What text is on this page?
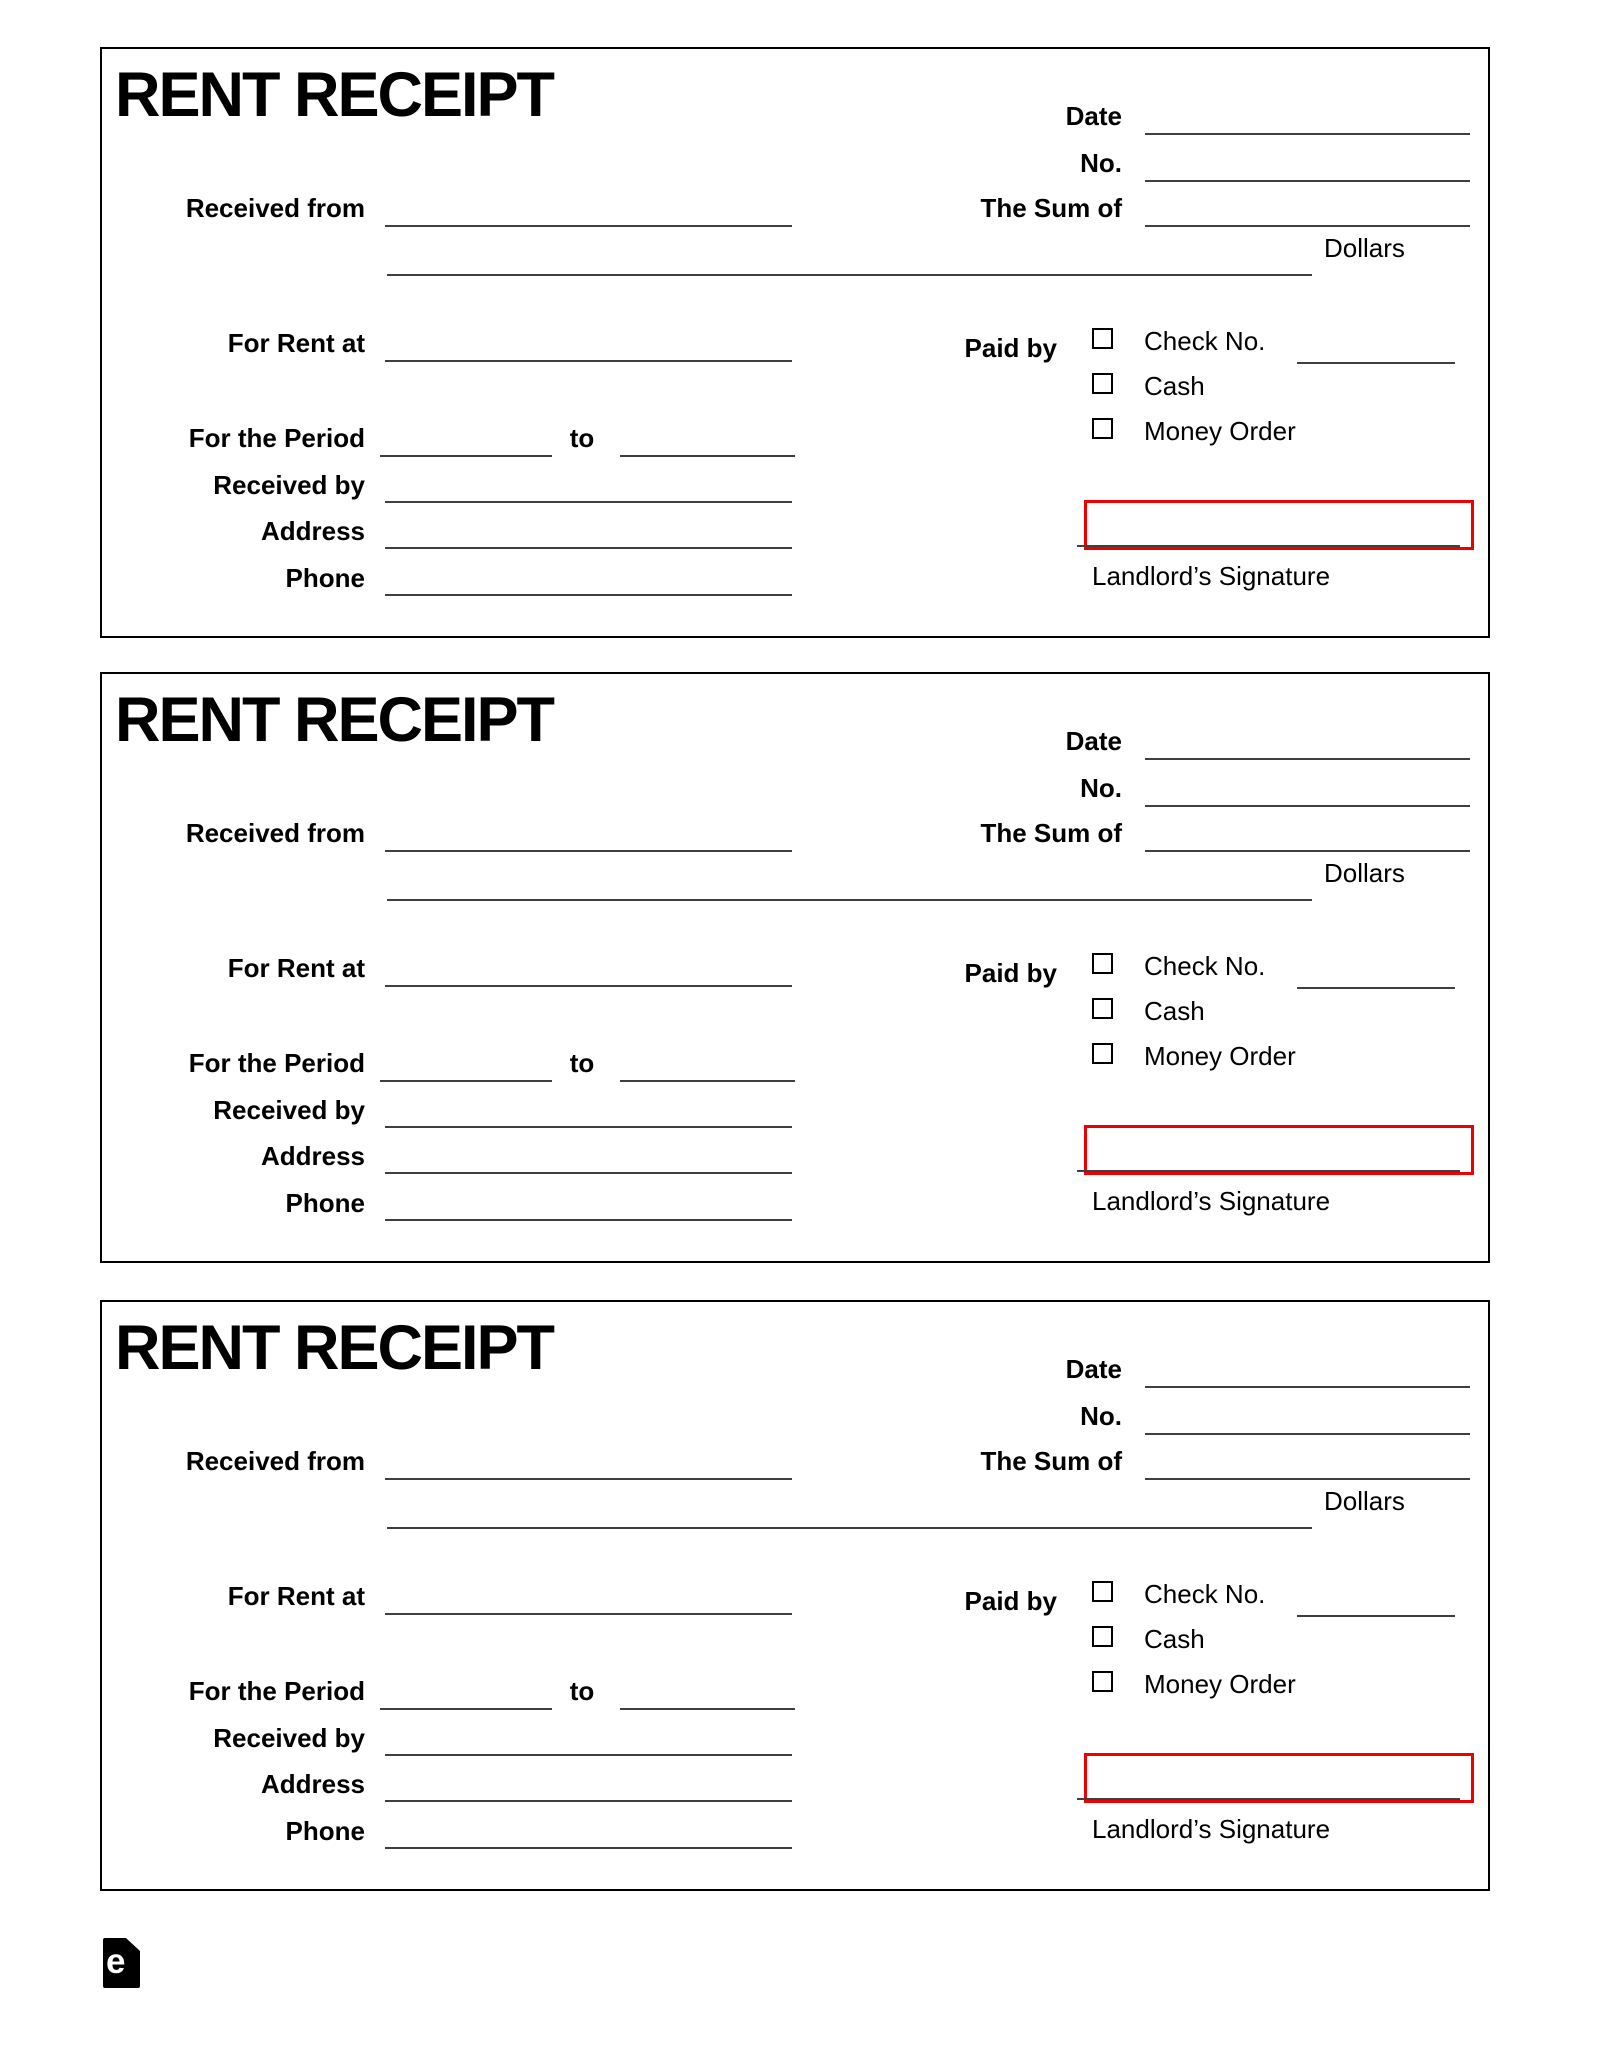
RENT RECEIPT	Date
No.
Received from	The Sum of
Dollars
For Rent at	Paid by	Check No.
Cash
Money Order
For the Period	to
Received by
Address
Phone	Landlord’s Signature
RENT RECEIPT	Date
No.
Received from	The Sum of
Dollars
For Rent at	Paid by	Check No.
Cash
Money Order
For the Period	to
Received by
Address
Phone	Landlord’s Signature
RENT RECEIPT	Date
No.
Received from	The Sum of
Dollars
For Rent at	Paid by	Check No.
Cash
Money Order
For the Period	to
Received by
Address
Phone	Landlord’s Signature
e
